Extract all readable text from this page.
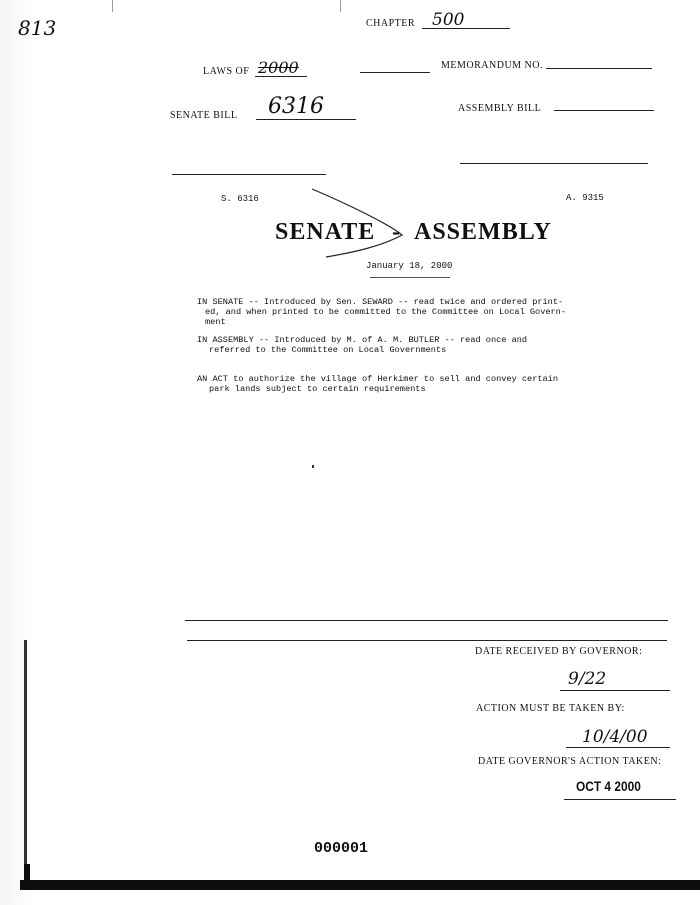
813	CHAPTER 500
LAWS OF 2000	MEMORANDUM NO.
SENATE BILL 6316	ASSEMBLY BILL
S. 6316	A. 9315
SENATE - ASSEMBLY
January 18, 2000
IN SENATE -- Introduced by Sen. SEWARD -- read twice and ordered print-
ed, and when printed to be committed to the Committee on Local Govern-
ment
IN ASSEMBLY -- Introduced by M. of A. M. BUTLER -- read once and
referred to the Committee on Local Governments
AN ACT to authorize the village of Herkimer to sell and convey certain
park lands subject to certain requirements
DATE RECEIVED BY GOVERNOR:
9/22
ACTION MUST BE TAKEN BY:
10/4/00
DATE GOVERNOR'S ACTION TAKEN:
OCT 4 2000
000001
